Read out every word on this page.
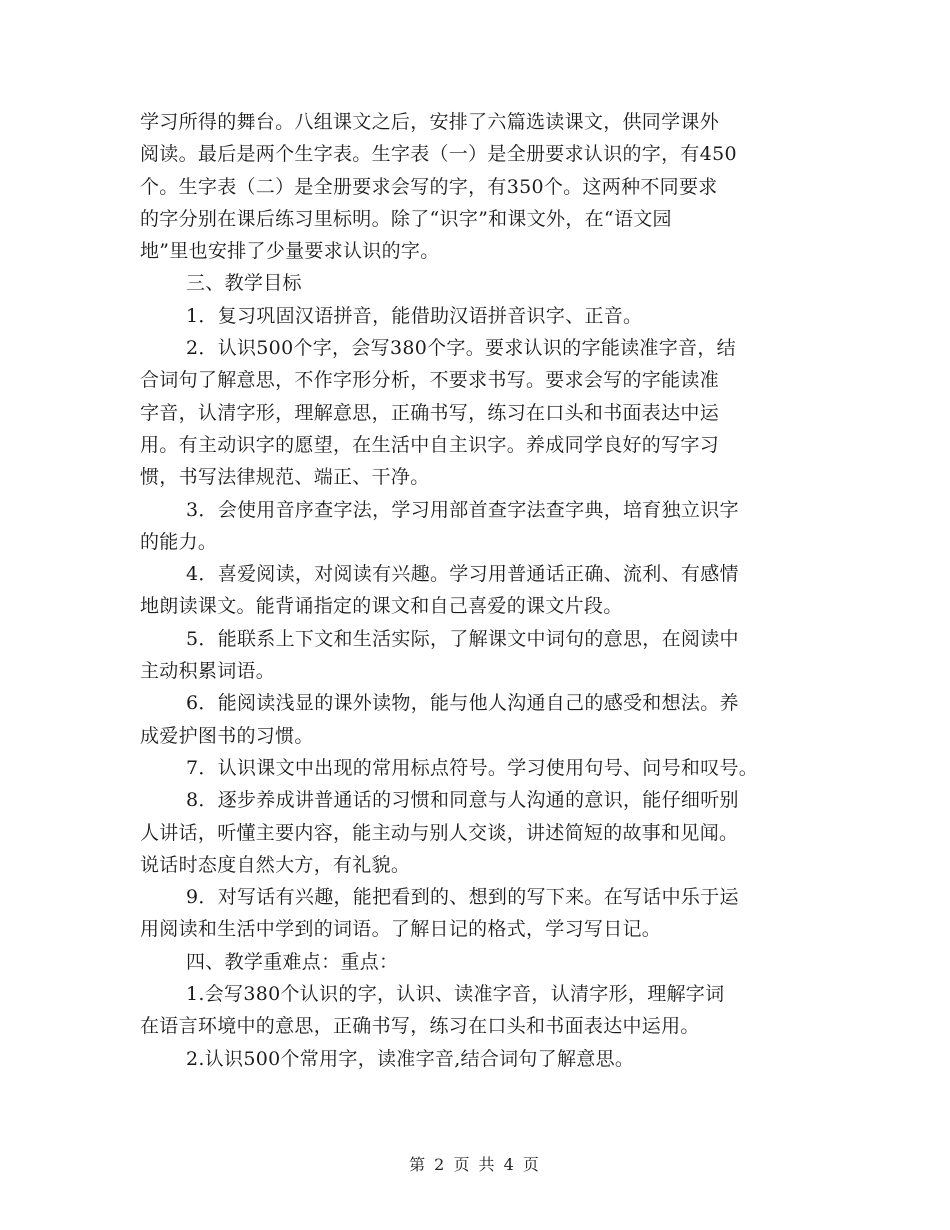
学习所得的舞台。八组课文之后，安排了六篇选读课文，供同学课外
阅读。最后是两个生字表。生字表（一）是全册要求认识的字，有450
个。生字表（二）是全册要求会写的字，有350个。这两种不同要求
的字分别在课后练习里标明。除了“识字”和课文外，在“语文园
地”里也安排了少量要求认识的字。
三、教学目标
1．复习巩固汉语拼音，能借助汉语拼音识字、正音。
2．认识500个字，会写380个字。要求认识的字能读准字音，结
合词句了解意思，不作字形分析，不要求书写。要求会写的字能读准
字音，认清字形，理解意思，正确书写，练习在口头和书面表达中运
用。有主动识字的愿望，在生活中自主识字。养成同学良好的写字习
惯，书写法律规范、端正、干净。
3．会使用音序查字法，学习用部首查字法查字典，培育独立识字
的能力。
4．喜爱阅读，对阅读有兴趣。学习用普通话正确、流利、有感情
地朗读课文。能背诵指定的课文和自己喜爱的课文片段。
5．能联系上下文和生活实际，了解课文中词句的意思，在阅读中
主动积累词语。
6．能阅读浅显的课外读物，能与他人沟通自己的感受和想法。养
成爱护图书的习惯。
7．认识课文中出现的常用标点符号。学习使用句号、问号和叹号。
8．逐步养成讲普通话的习惯和同意与人沟通的意识，能仔细听别
人讲话，听懂主要内容，能主动与别人交谈，讲述简短的故事和见闻。
说话时态度自然大方，有礼貌。
9．对写话有兴趣，能把看到的、想到的写下来。在写话中乐于运
用阅读和生活中学到的词语。了解日记的格式，学习写日记。
四、教学重难点：重点：
1.会写380个认识的字，认识、读准字音，认清字形，理解字词
在语言环境中的意思，正确书写，练习在口头和书面表达中运用。
2.认识500个常用字，读准字音,结合词句了解意思。
第 2 页 共 4 页
